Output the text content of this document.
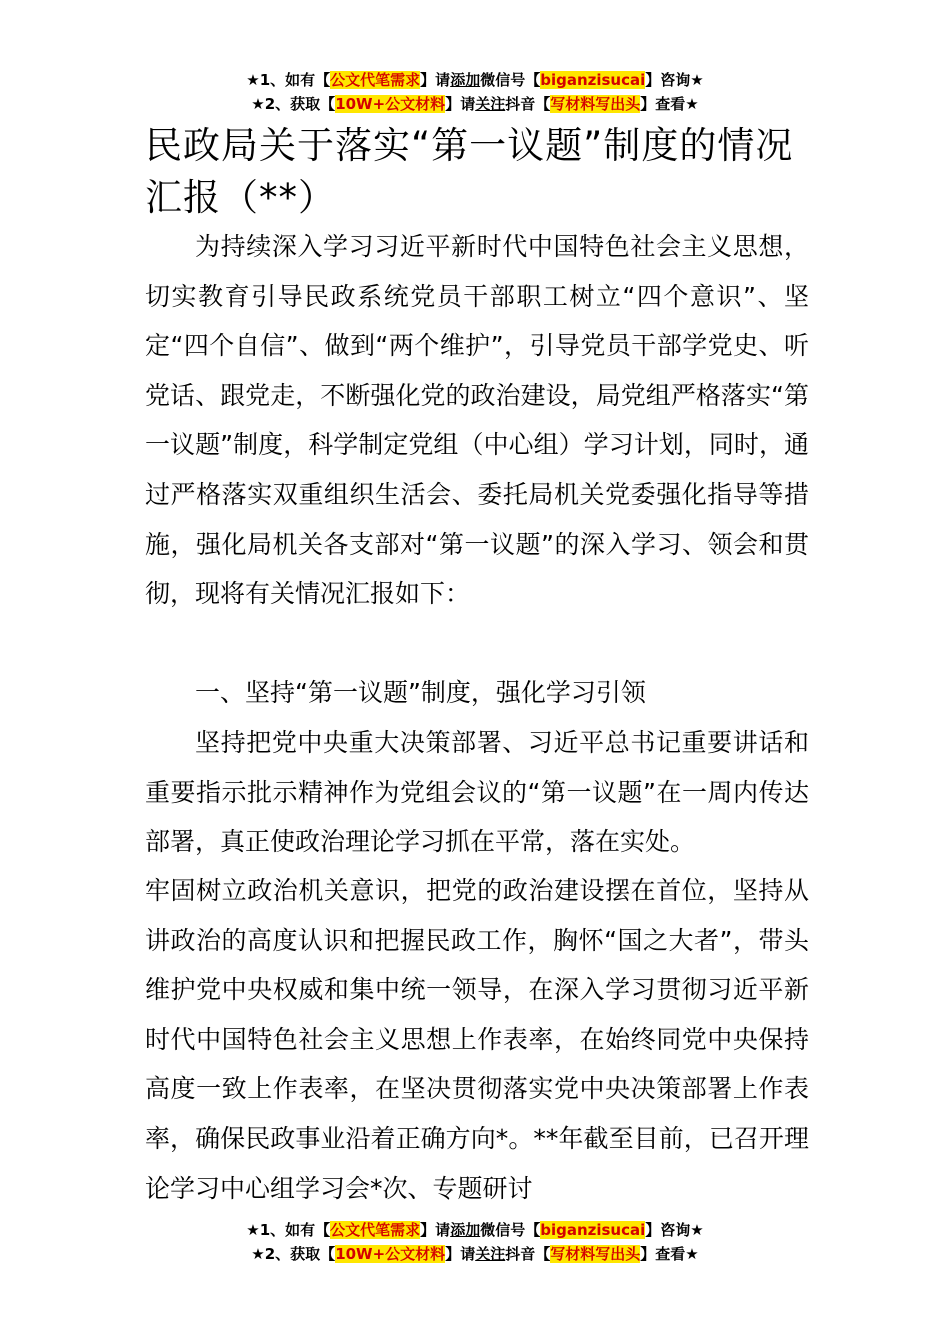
★1、如有【公文代笔需求】请添加微信号【biganzisucai】咨询★
★2、获取【10W+公文材料】请关注抖音【写材料写出头】查看★
民政局关于落实“第一议题”制度的情况汇报（**）

为持续深入学习习近平新时代中国特色社会主义思想，切实教育引导民政系统党员干部职工树立“四个意识”、坚定“四个自信”、做到“两个维护”，引导党员干部学党史、听党话、跟党走，不断强化党的政治建设，局党组严格落实“第一议题”制度，科学制定党组（中心组）学习计划，同时，通过严格落实双重组织生活会、委托局机关党委强化指导等措施，强化局机关各支部对“第一议题”的深入学习、领会和贯彻，现将有关情况汇报如下：

一、坚持“第一议题”制度，强化学习引领

坚持把党中央重大决策部署、习近平总书记重要讲话和重要指示批示精神作为党组会议的“第一议题”在一周内传达部署，真正使政治理论学习抓在平常，落在实处。

牢固树立政治机关意识，把党的政治建设摆在首位，坚持从讲政治的高度认识和把握民政工作，胸怀“国之大者”，带头维护党中央权威和集中统一领导，在深入学习贯彻习近平新时代中国特色社会主义思想上作表率，在始终同党中央保持高度一致上作表率，在坚决贯彻落实党中央决策部署上作表率，确保民政事业沿着正确方向*。**年截至目前，已召开理论学习中心组学习会*次、专题研讨

★1、如有【公文代笔需求】请添加微信号【biganzisucai】咨询★
★2、获取【10W+公文材料】请关注抖音【写材料写出头】查看★
